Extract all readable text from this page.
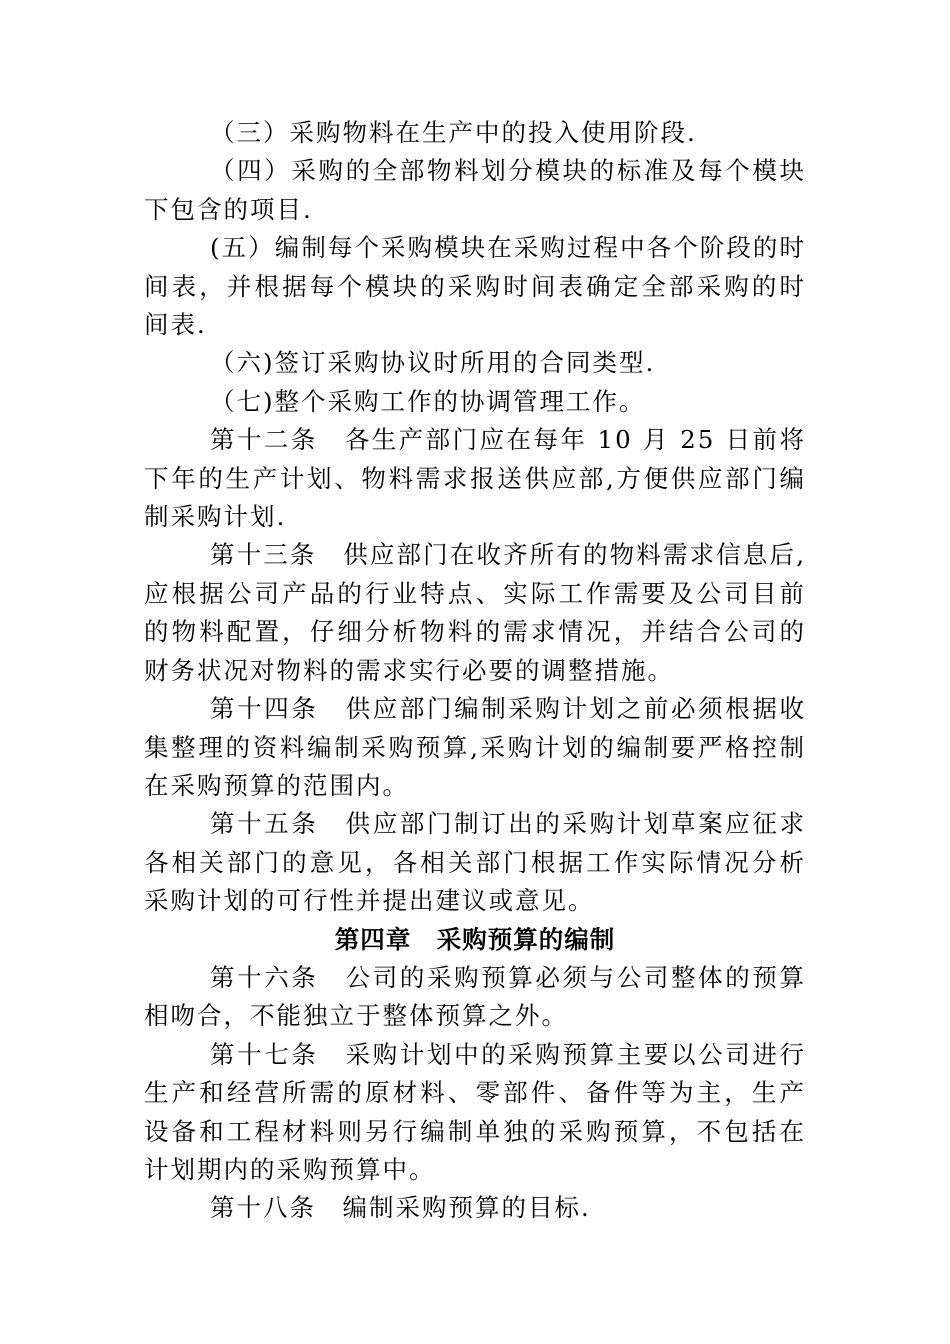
（三）采购物料在生产中的投入使用阶段.

（四）采购的全部物料划分模块的标准及每个模块下包含的项目.

(五）编制每个采购模块在采购过程中各个阶段的时间表，并根据每个模块的采购时间表确定全部采购的时间表.

（六)签订采购协议时所用的合同类型.

（七)整个采购工作的协调管理工作。

第十二条　各生产部门应在每年 10 月 25 日前将下年的生产计划、物料需求报送供应部,方便供应部门编制采购计划.

第十三条　供应部门在收齐所有的物料需求信息后,应根据公司产品的行业特点、实际工作需要及公司目前的物料配置，仔细分析物料的需求情况，并结合公司的财务状况对物料的需求实行必要的调整措施。

第十四条　供应部门编制采购计划之前必须根据收集整理的资料编制采购预算,采购计划的编制要严格控制在采购预算的范围内。

第十五条　供应部门制订出的采购计划草案应征求各相关部门的意见，各相关部门根据工作实际情况分析采购计划的可行性并提出建议或意见。

第四章　采购预算的编制

第十六条　公司的采购预算必须与公司整体的预算相吻合，不能独立于整体预算之外。

第十七条　采购计划中的采购预算主要以公司进行生产和经营所需的原材料、零部件、备件等为主，生产设备和工程材料则另行编制单独的采购预算，不包括在计划期内的采购预算中。

第十八条　编制采购预算的目标.
